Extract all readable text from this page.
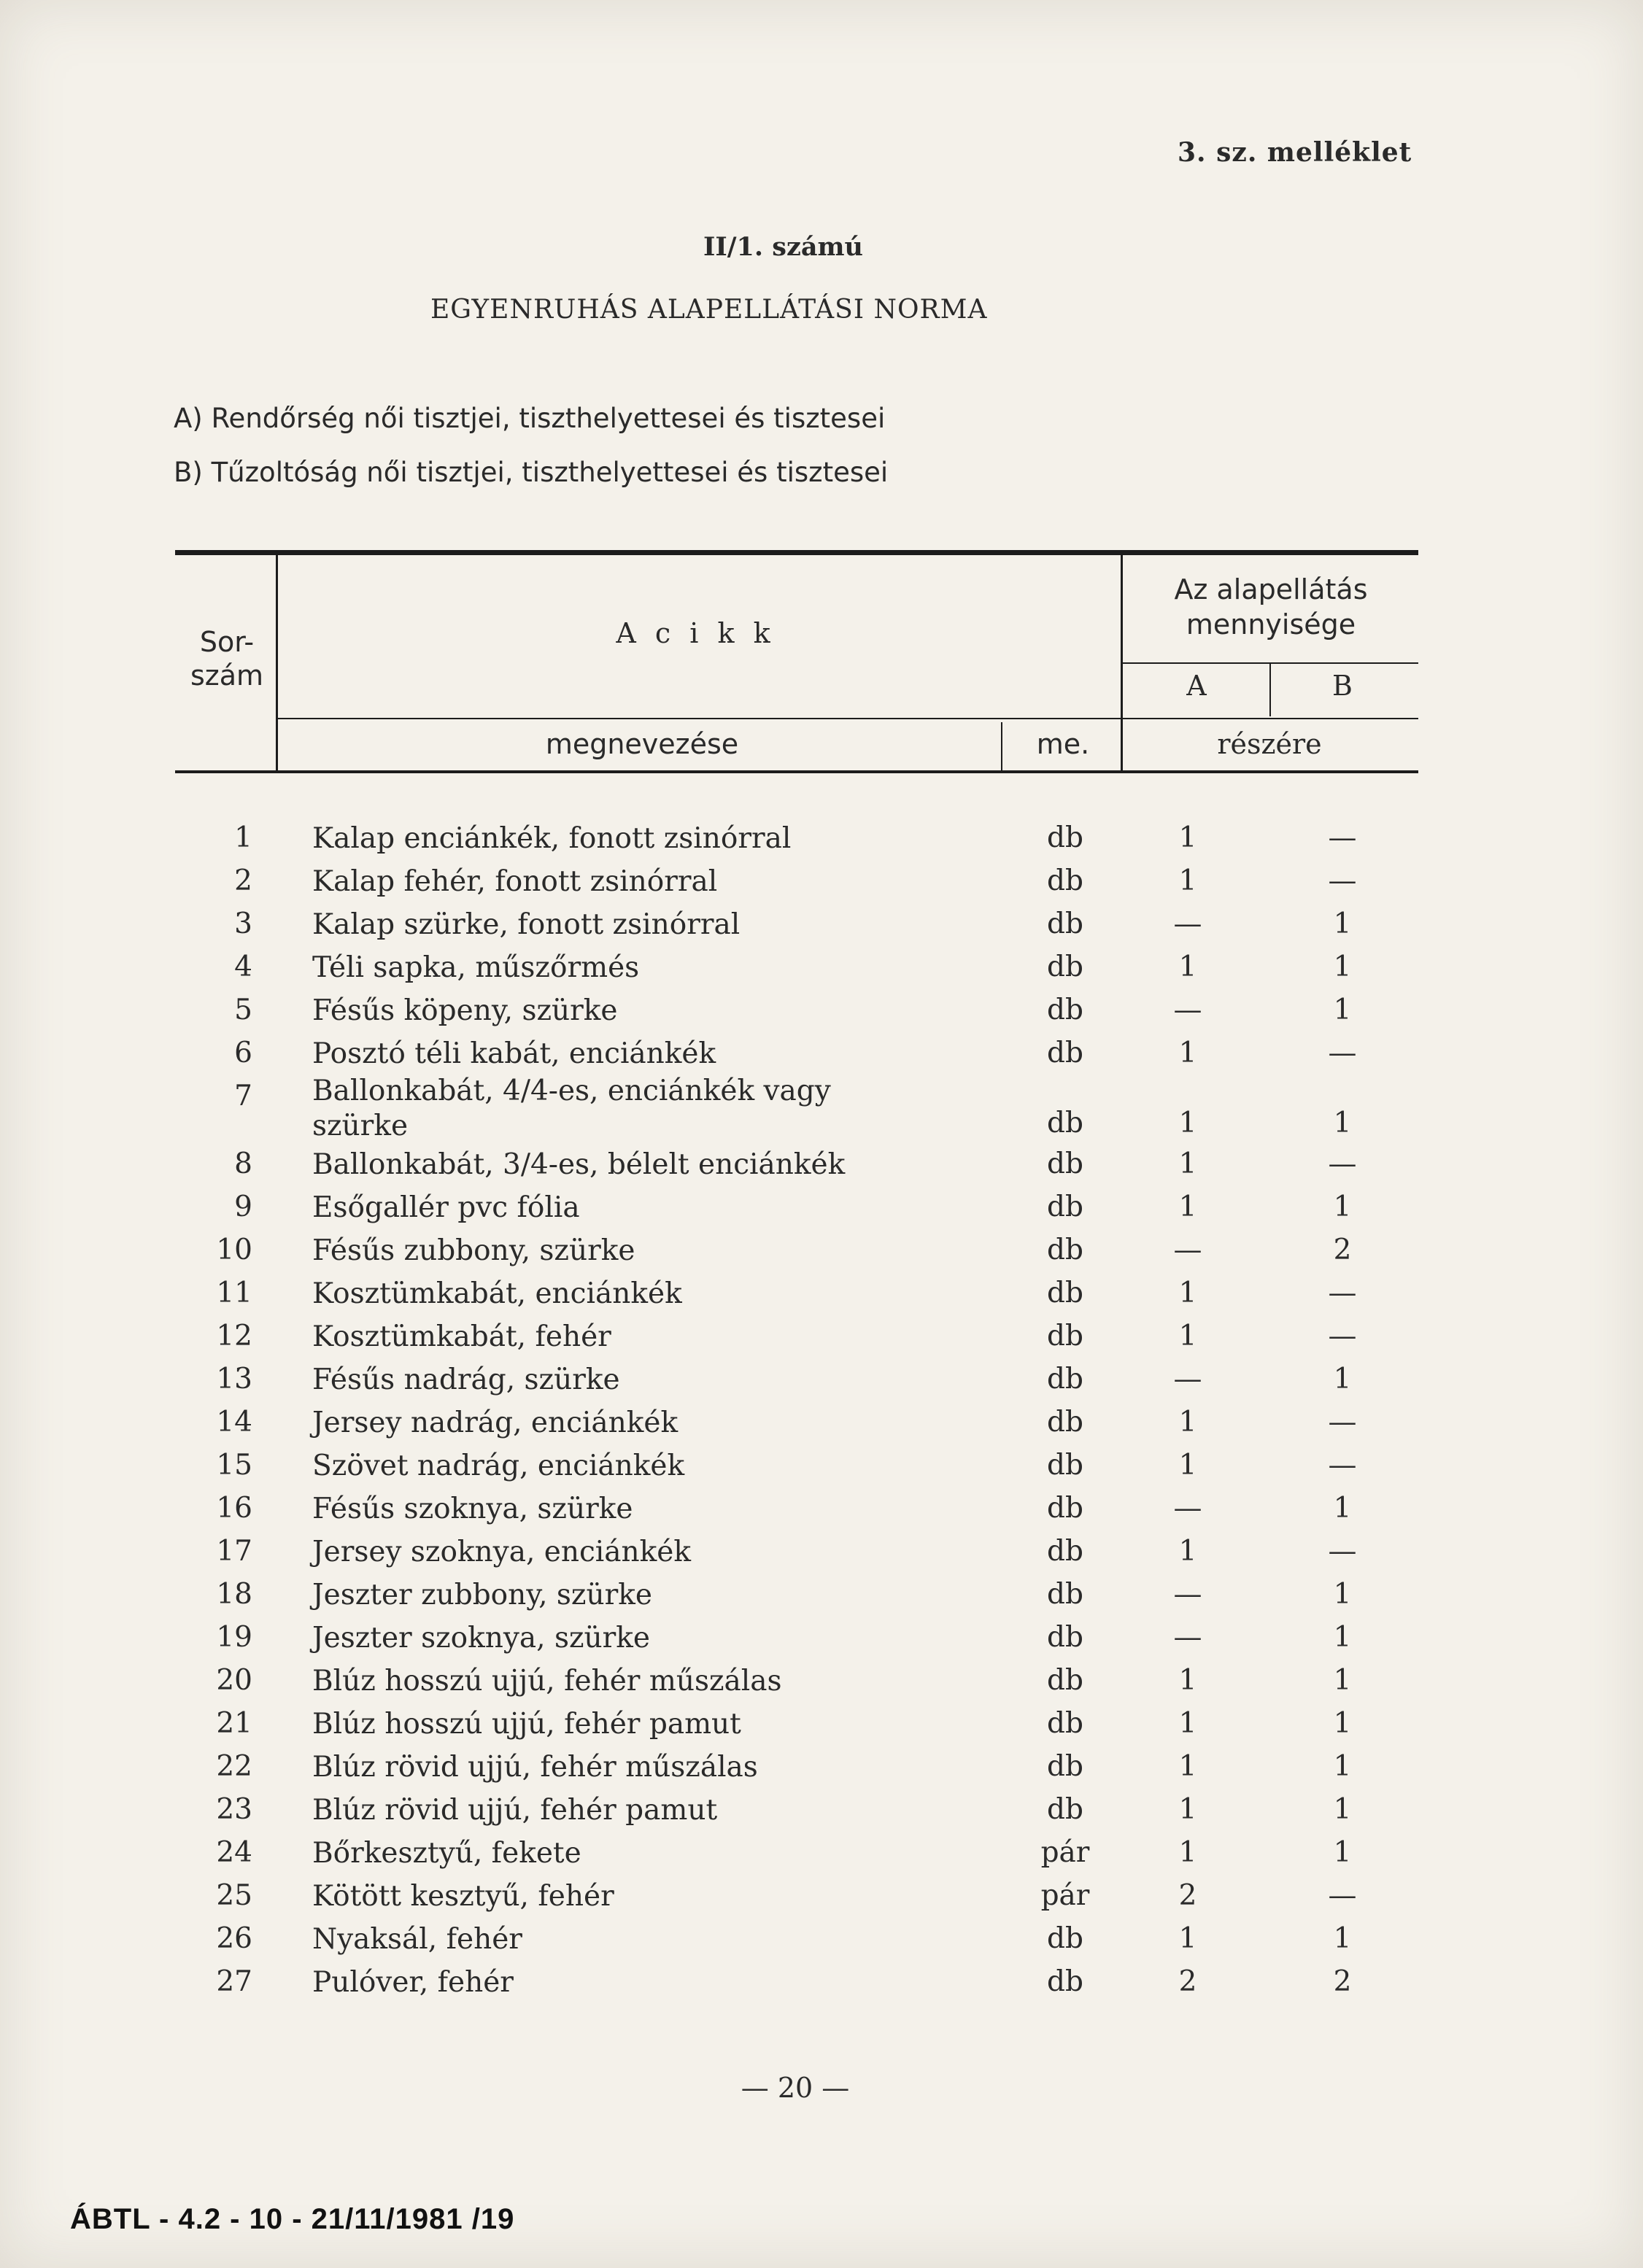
3. sz. melléklet
II/1. számú
EGYENRUHÁS ALAPELLÁTÁSI NORMA
A) Rendőrség női tisztjei, tiszthelyettesei és tisztesei
B) Tűzoltóság női tisztjei, tiszthelyettesei és tisztesei
Sor-
szám
A c i k k
megnevezése	me.
Az alapellátás
mennyisége
A	B
részére
1 Kalap enciánkék, fonott zsinórral	db	1	—
2 Kalap fehér, fonott zsinórral	db	1	—
3 Kalap szürke, fonott zsinórral	db	—	1
4 Téli sapka, műszőrmés	db	1	1
5 Fésűs köpeny, szürke	db	—	1
6 Posztó téli kabát, enciánkék	db	1	—
7 Ballonkabát, 4/4-es, enciánkék vagy
szürke	db	1	1
8 Ballonkabát, 3/4-es, bélelt enciánkék	db	1	—
9 Esőgallér pvc fólia	db	1	1
10 Fésűs zubbony, szürke	db	—	2
11 Kosztümkabát, enciánkék	db	1	—
12 Kosztümkabát, fehér	db	1	—
13 Fésűs nadrág, szürke	db	—	1
14 Jersey nadrág, enciánkék	db	1	—
15 Szövet nadrág, enciánkék	db	1	—
16 Fésűs szoknya, szürke	db	—	1
17 Jersey szoknya, enciánkék	db	1	—
18 Jeszter zubbony, szürke	db	—	1
19 Jeszter szoknya, szürke	db	—	1
20 Blúz hosszú ujjú, fehér műszálas	db	1	1
21 Blúz hosszú ujjú, fehér pamut	db	1	1
22 Blúz rövid ujjú, fehér műszálas	db	1	1
23 Blúz rövid ujjú, fehér pamut	db	1	1
24 Bőrkesztyű, fekete	pár	1	1
25 Kötött kesztyű, fehér	pár	2	—
26 Nyaksál, fehér	db	1	1
27 Pulóver, fehér	db	2	2
— 20 —
ÁBTL - 4.2 - 10 - 21/11/1981 /19
